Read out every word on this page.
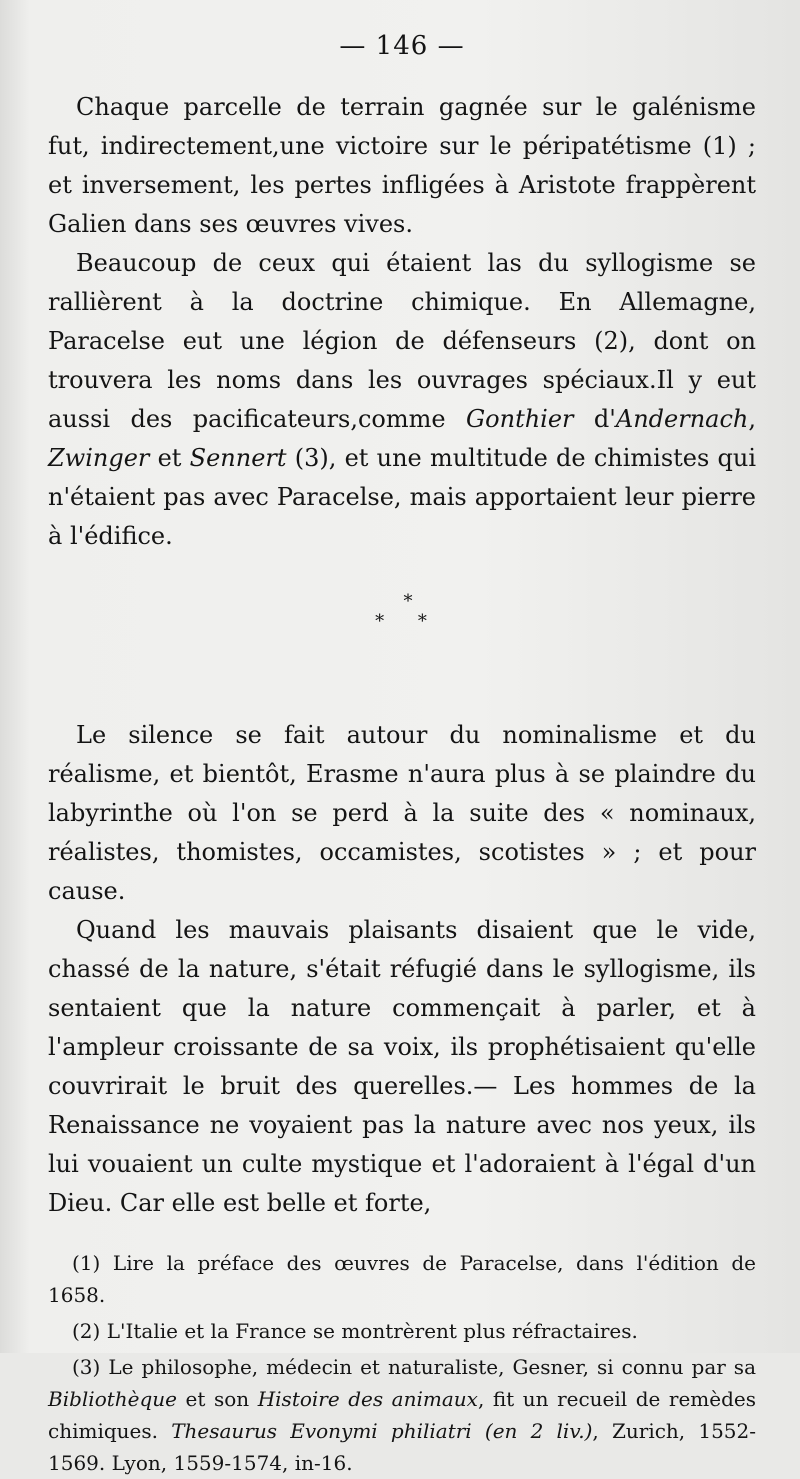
— 146 —

Chaque parcelle de terrain gagnée sur le galénisme fut, indirectement,une victoire sur le péripatétisme (1) ; et inversement, les pertes infligées à Aristote frappèrent Galien dans ses œuvres vives.

Beaucoup de ceux qui étaient las du syllogisme se rallièrent à la doctrine chimique. En Allemagne, Paracelse eut une légion de défenseurs (2), dont on trouvera les noms dans les ouvrages spéciaux.Il y eut aussi des pacificateurs,comme Gonthier d'Andernach, Zwinger et Sennert (3), et une multitude de chimistes qui n'étaient pas avec Paracelse, mais apportaient leur pierre à l'édifice.

*
* *

Le silence se fait autour du nominalisme et du réalisme, et bientôt, Erasme n'aura plus à se plaindre du labyrinthe où l'on se perd à la suite des « nominaux, réalistes, thomistes, occamistes, scotistes » ; et pour cause.

Quand les mauvais plaisants disaient que le vide, chassé de la nature, s'était réfugié dans le syllogisme, ils sentaient que la nature commençait à parler, et à l'ampleur croissante de sa voix, ils prophétisaient qu'elle couvrirait le bruit des querelles.— Les hommes de la Renaissance ne voyaient pas la nature avec nos yeux, ils lui vouaient un culte mystique et l'adoraient à l'égal d'un Dieu. Car elle est belle et forte,

(1) Lire la préface des œuvres de Paracelse, dans l'édition de 1658.

(2) L'Italie et la France se montrèrent plus réfractaires.

(3) Le philosophe, médecin et naturaliste, Gesner, si connu par sa Bibliothèque et son Histoire des animaux, fit un recueil de remèdes chimiques. Thesaurus Evonymi philiatri (en 2 liv.), Zurich, 1552-1569. Lyon, 1559-1574, in-16.
